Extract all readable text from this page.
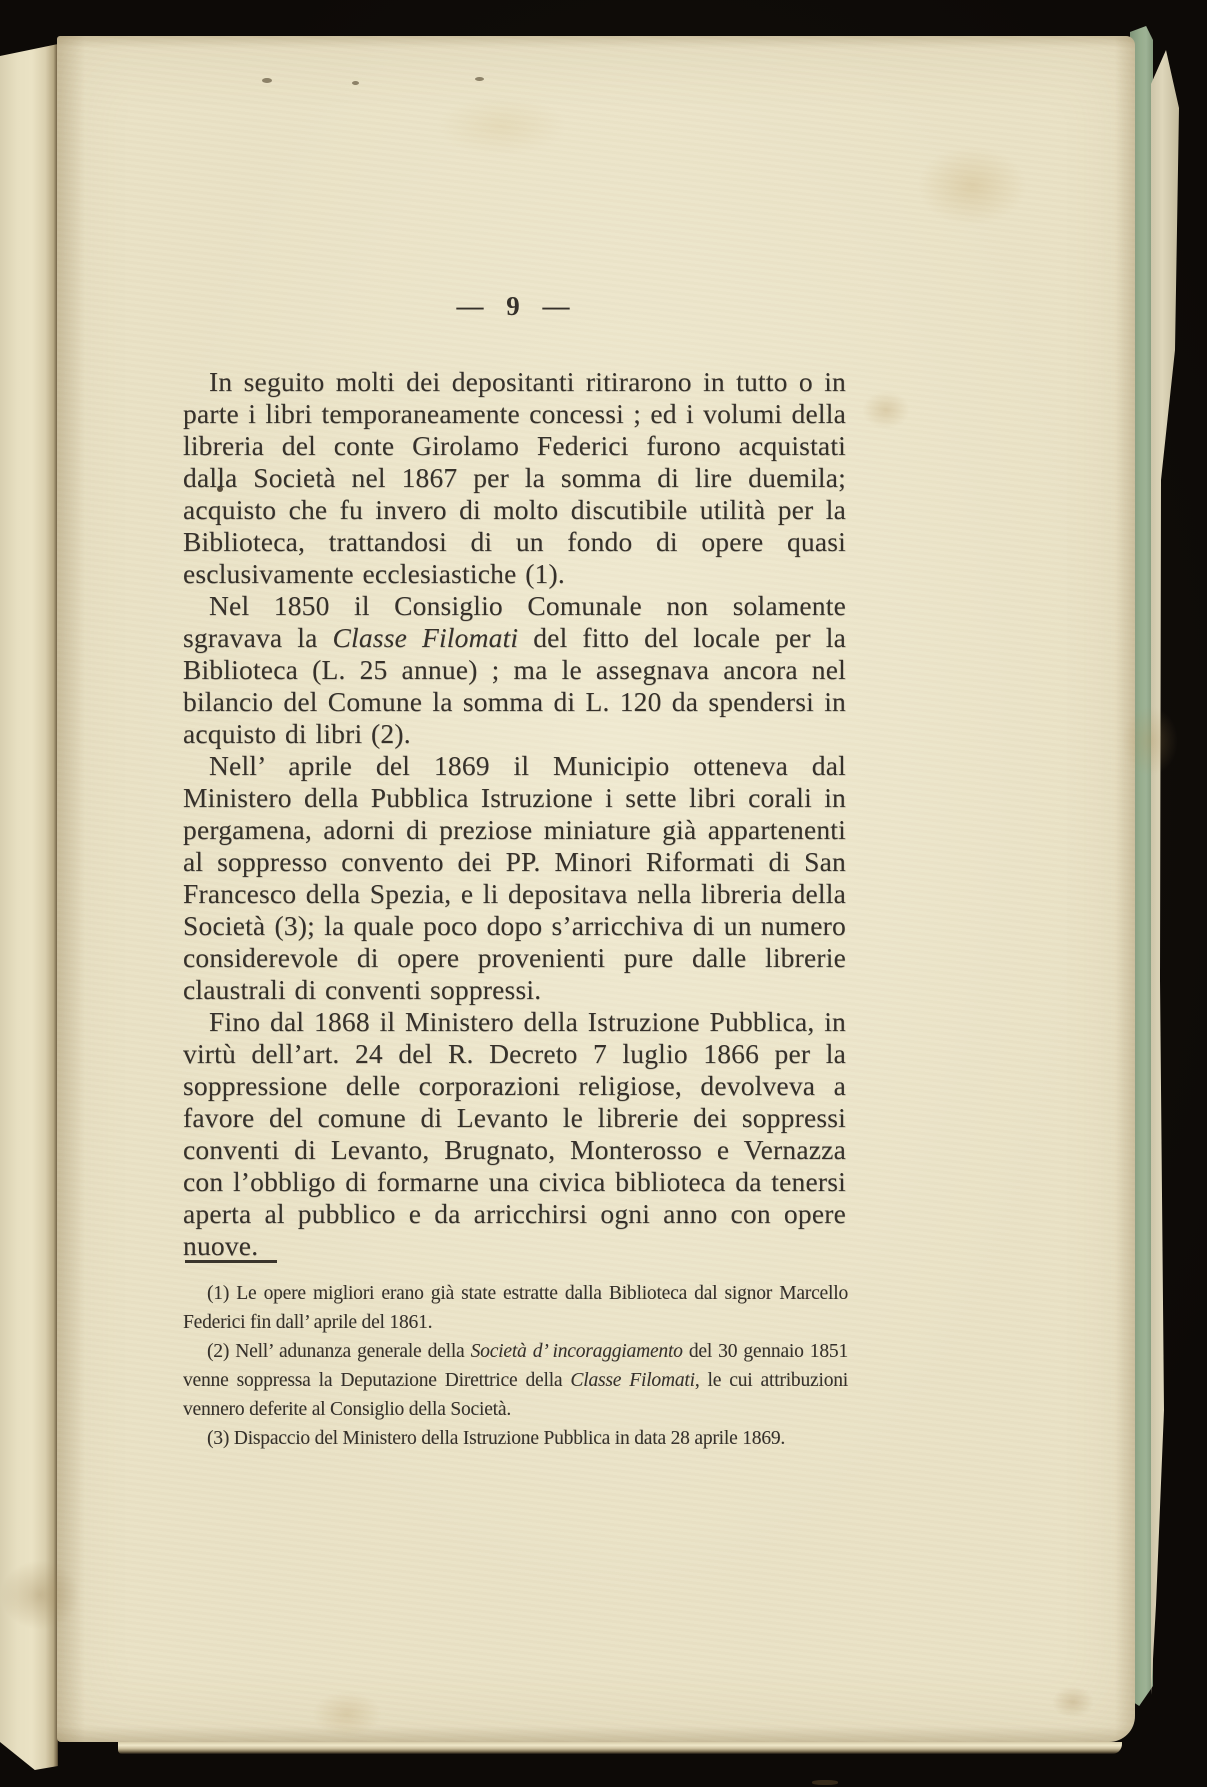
— 9 —

In seguito molti dei depositanti ritirarono in tutto o in parte i libri temporaneamente concessi ; ed i volumi della libreria del conte Girolamo Federici furono acquistati dalla Società nel 1867 per la somma di lire duemila; acquisto che fu invero di molto discutibile utilità per la Biblioteca, trattandosi di un fondo di opere quasi esclusivamente ecclesiastiche (1).

Nel 1850 il Consiglio Comunale non solamente sgravava la Classe Filomati del fitto del locale per la Biblioteca (L. 25 annue) ; ma le assegnava ancora nel bilancio del Comune la somma di L. 120 da spendersi in acquisto di libri (2).

Nell’ aprile del 1869 il Municipio otteneva dal Ministero della Pubblica Istruzione i sette libri corali in pergamena, adorni di preziose miniature già appartenenti al soppresso convento dei PP. Minori Riformati di San Francesco della Spezia, e li depositava nella libreria della Società (3); la quale poco dopo s’arricchiva di un numero considerevole di opere provenienti pure dalle librerie claustrali di conventi soppressi.

Fino dal 1868 il Ministero della Istruzione Pubblica, in virtù dell’art. 24 del R. Decreto 7 luglio 1866 per la soppressione delle corporazioni religiose, devolveva a favore del comune di Levanto le librerie dei soppressi conventi di Levanto, Brugnato, Monterosso e Vernazza con l’obbligo di formarne una civica biblioteca da tenersi aperta al pubblico e da arricchirsi ogni anno con opere nuove.

(1) Le opere migliori erano già state estratte dalla Biblioteca dal signor Marcello Federici fin dall’ aprile del 1861.

(2) Nell’ adunanza generale della Società d’ incoraggiamento del 30 gennaio 1851 venne soppressa la Deputazione Direttrice della Classe Filomati, le cui attribuzioni vennero deferite al Consiglio della Società.

(3) Dispaccio del Ministero della Istruzione Pubblica in data 28 aprile 1869.
